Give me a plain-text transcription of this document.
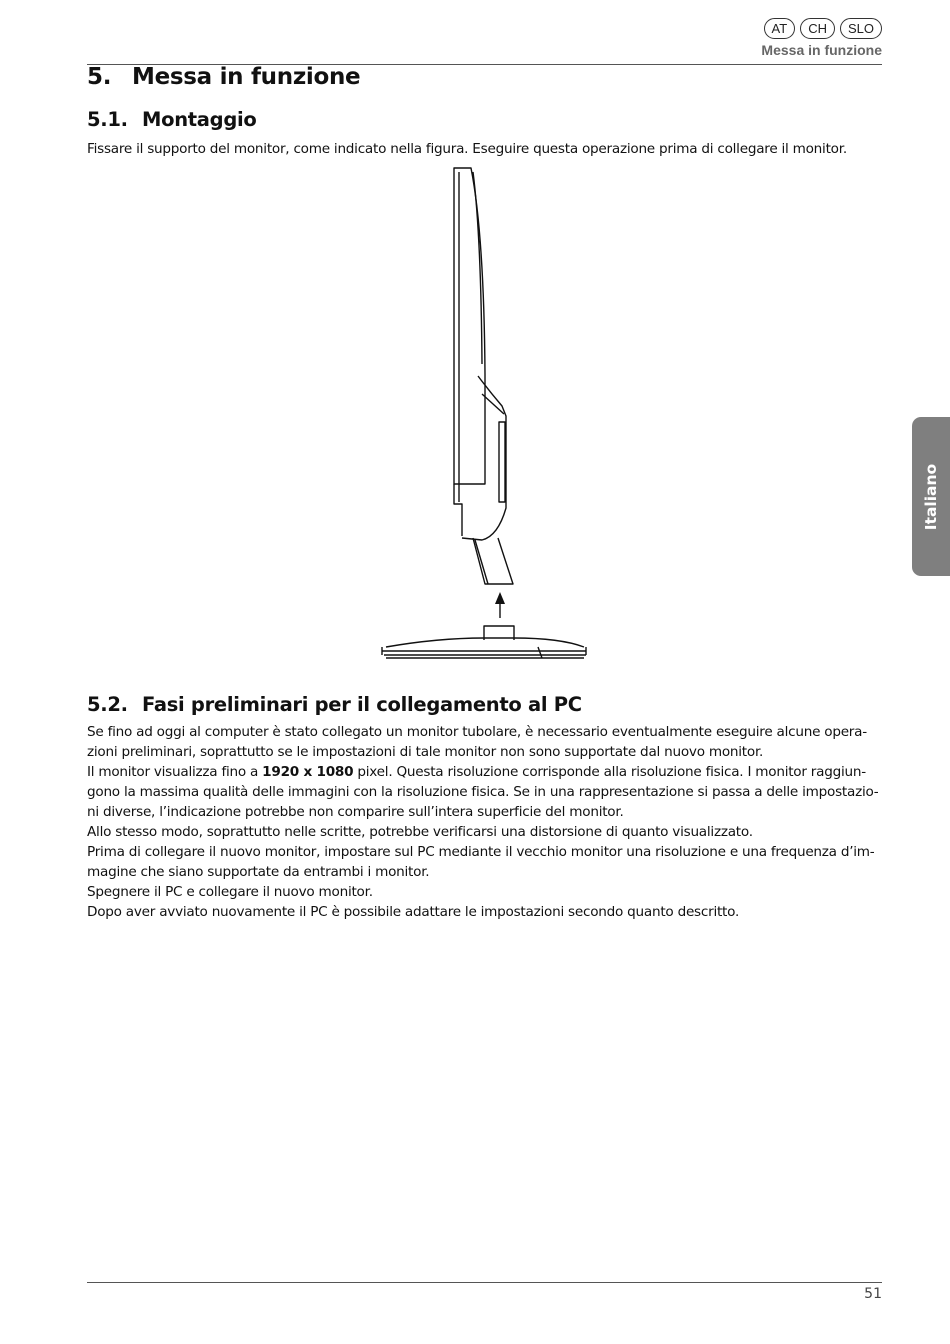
AT	CH	SLO
Messa in funzione
5. Messa in funzione
5.1. Montaggio

Fissare il supporto del monitor, come indicato nella figura. Eseguire questa operazione prima di collegare il monitor.

5.2. Fasi preliminari per il collegamento al PC

Se fino ad oggi al computer è stato collegato un monitor tubolare, è necessario eventualmente eseguire alcune opera-

zioni preliminari, soprattutto se le impostazioni di tale monitor non sono supportate dal nuovo monitor.

Il monitor visualizza fino a 1920 x 1080 pixel. Questa risoluzione corrisponde alla risoluzione fisica. I monitor raggiun-

gono la massima qualità delle immagini con la risoluzione fisica. Se in una rappresentazione si passa a delle impostazio-

ni diverse, l’indicazione potrebbe non comparire sull’intera superficie del monitor.

Allo stesso modo, soprattutto nelle scritte, potrebbe verificarsi una distorsione di quanto visualizzato.

Prima di collegare il nuovo monitor, impostare sul PC mediante il vecchio monitor una risoluzione e una frequenza d’im-

magine che siano supportate da entrambi i monitor.

Spegnere il PC e collegare il nuovo monitor.

Dopo aver avviato nuovamente il PC è possibile adattare le impostazioni secondo quanto descritto.

Italiano
51
